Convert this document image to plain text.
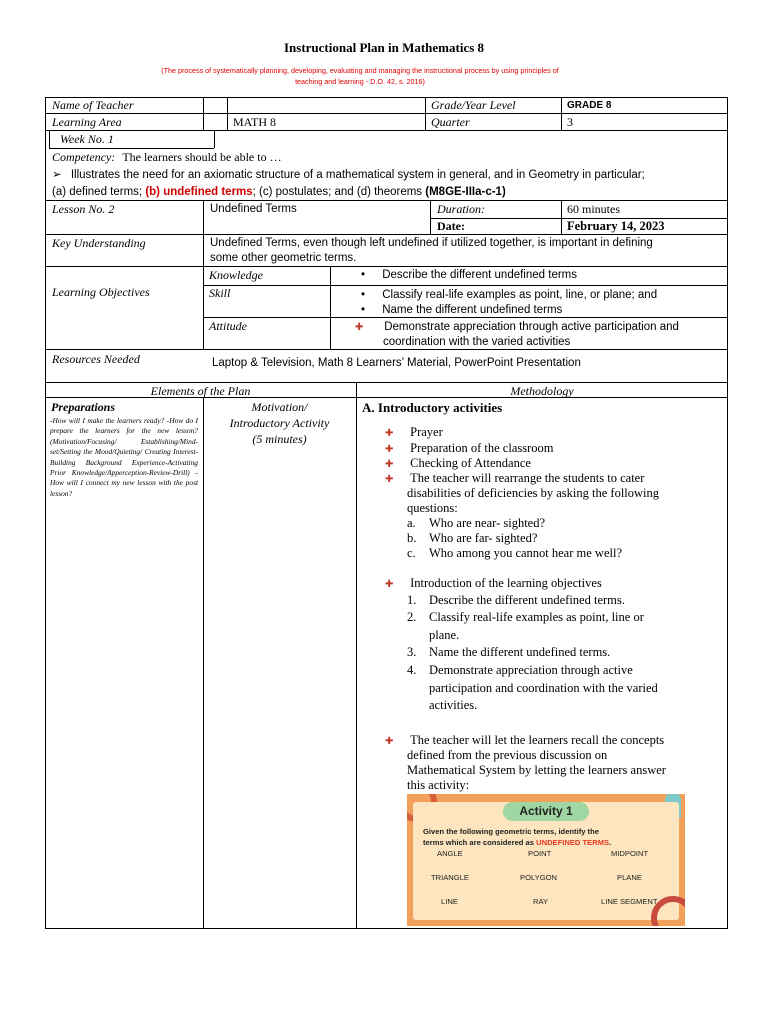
Instructional Plan in Mathematics 8
(The process of systematically planning, developing, evaluating and managing the instructional process by using principles of teaching and learning - D.O. 42, s. 2016)
Name of Teacher	Grade/Year Level	GRADE 8
Learning Area	MATH 8	Quarter	3
Week No. 1
Competency: The learners should be able to …
➢ Illustrates the need for an axiomatic structure of a mathematical system in general, and in Geometry in particular;
(a) defined terms; (b) undefined terms; (c) postulates; and (d) theorems (M8GE-IIIa-c-1)
Lesson No. 2	Undefined Terms	Duration:	60 minutes
Date:	February 14, 2023
Key Understanding	Undefined Terms, even though left undefined if utilized together, is important in defining
some other geometric terms.
Learning Objectives
Knowledge	• Describe the different undefined terms
Skill	• Classify real-life examples as point, line, or plane; and
• Name the different undefined terms
Attitude	✚ Demonstrate appreciation through active participation and
coordination with the varied activities
Resources Needed	Laptop & Television, Math 8 Learners’ Material, PowerPoint Presentation
Elements of the Plan	Methodology
Preparations
-How will I make the learners ready? -How do I prepare the learners for the new lesson? (Motivation/Focusing/ Establishing/Mind-set/Setting the Mood/Quieting/ Creating Interest-Building Background Experience-Activating Prior Knowledge/Apperception-Review-Drill) -How will I connect my new lesson with the post lesson?
Motivation/
Introductory Activity
(5 minutes)
A. Introductory activities
✚ Prayer
✚ Preparation of the classroom
✚ Checking of Attendance
✚ The teacher will rearrange the students to cater
disabilities of deficiencies by asking the following
questions:
a. Who are near- sighted?
b. Who are far- sighted?
c. Who among you cannot hear me well?
✚ Introduction of the learning objectives
1. Describe the different undefined terms.
2. Classify real-life examples as point, line or
plane.
3. Name the different undefined terms.
4. Demonstrate appreciation through active
participation and coordination with the varied
activities.
✚ The teacher will let the learners recall the concepts
defined from the previous discussion on
Mathematical System by letting the learners answer
this activity:
Activity 1
Given the following geometric terms, identify the
terms which are considered as UNDEFINED TERMS.
ANGLE	POINT	MIDPOINT
TRIANGLE	POLYGON	PLANE
LINE	RAY	LINE SEGMENT
